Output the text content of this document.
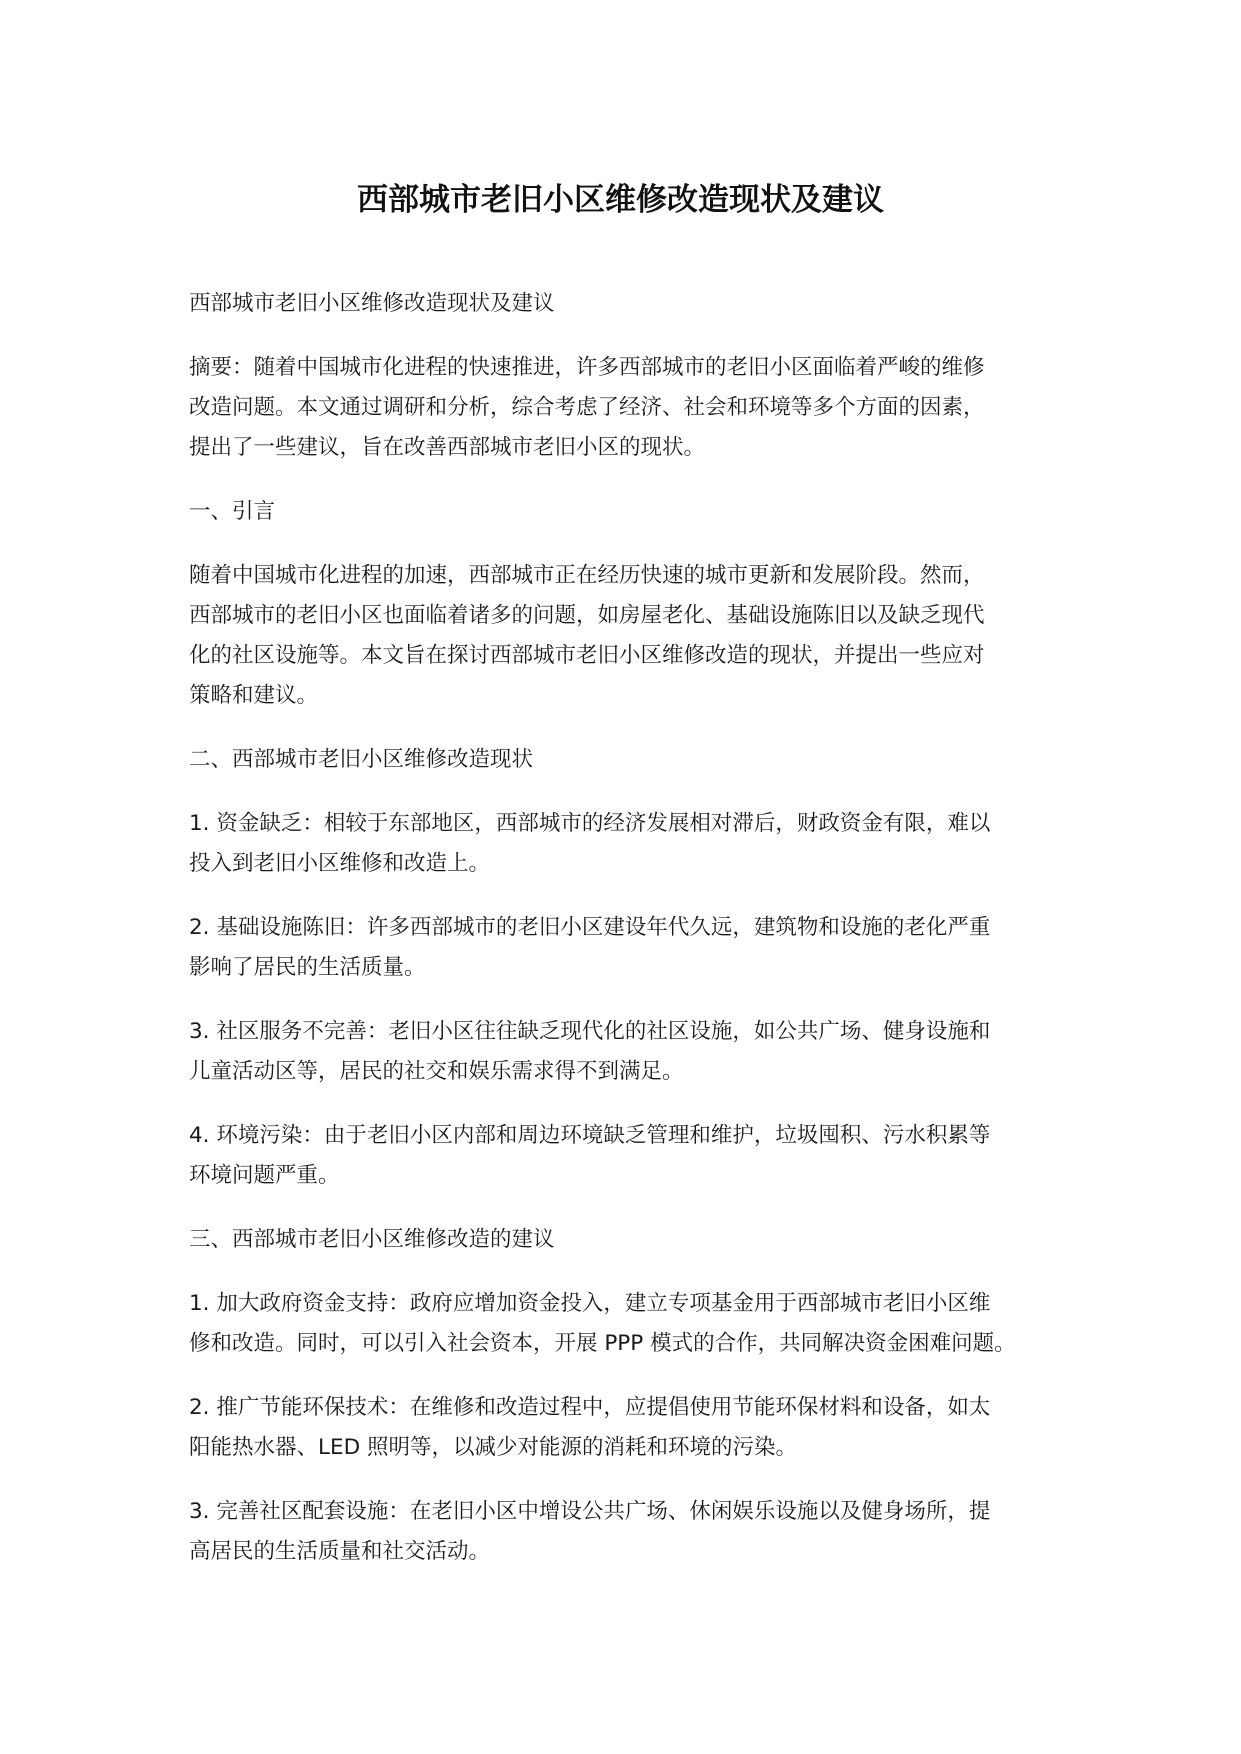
西部城市老旧小区维修改造现状及建议

西部城市老旧小区维修改造现状及建议

摘要：随着中国城市化进程的快速推进，许多西部城市的老旧小区面临着严峻的维修
改造问题。本文通过调研和分析，综合考虑了经济、社会和环境等多个方面的因素，
提出了一些建议，旨在改善西部城市老旧小区的现状。

一、引言

随着中国城市化进程的加速，西部城市正在经历快速的城市更新和发展阶段。然而，
西部城市的老旧小区也面临着诸多的问题，如房屋老化、基础设施陈旧以及缺乏现代
化的社区设施等。本文旨在探讨西部城市老旧小区维修改造的现状，并提出一些应对
策略和建议。

二、西部城市老旧小区维修改造现状

1. 资金缺乏：相较于东部地区，西部城市的经济发展相对滞后，财政资金有限，难以
投入到老旧小区维修和改造上。

2. 基础设施陈旧：许多西部城市的老旧小区建设年代久远，建筑物和设施的老化严重
影响了居民的生活质量。

3. 社区服务不完善：老旧小区往往缺乏现代化的社区设施，如公共广场、健身设施和
儿童活动区等，居民的社交和娱乐需求得不到满足。

4. 环境污染：由于老旧小区内部和周边环境缺乏管理和维护，垃圾囤积、污水积累等
环境问题严重。

三、西部城市老旧小区维修改造的建议

1. 加大政府资金支持：政府应增加资金投入，建立专项基金用于西部城市老旧小区维
修和改造。同时，可以引入社会资本，开展 PPP 模式的合作，共同解决资金困难问题。

2. 推广节能环保技术：在维修和改造过程中，应提倡使用节能环保材料和设备，如太
阳能热水器、LED 照明等，以减少对能源的消耗和环境的污染。

3. 完善社区配套设施：在老旧小区中增设公共广场、休闲娱乐设施以及健身场所，提
高居民的生活质量和社交活动。
